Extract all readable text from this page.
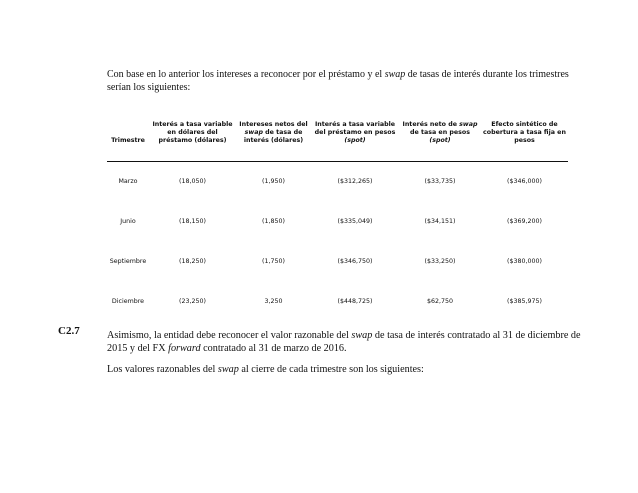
Con base en lo anterior los intereses a reconocer por el préstamo y el swap de tasas de interés durante los trimestres serían los siguientes:

Trimestre	Interés a tasa variable en dólares del préstamo (dólares)	Intereses netos del swap de tasa de interés (dólares)	Interés a tasa variable del préstamo en pesos (spot)	Interés neto de swap de tasa en pesos (spot)	Efecto sintético de cobertura a tasa fija en pesos
Marzo	(18,050)	(1,950)	($312,265)	($33,735)	($346,000)
Junio	(18,150)	(1,850)	($335,049)	($34,151)	($369,200)
Septiembre	(18,250)	(1,750)	($346,750)	($33,250)	($380,000)
Diciembre	(23,250)	3,250	($448,725)	$62,750	($385,975)
C2.7	Asimismo, la entidad debe reconocer el valor razonable del swap de tasa de interés contratado al 31 de diciembre de 2015 y del FX forward contratado al 31 de marzo de 2016.

Los valores razonables del swap al cierre de cada trimestre son los siguientes:
